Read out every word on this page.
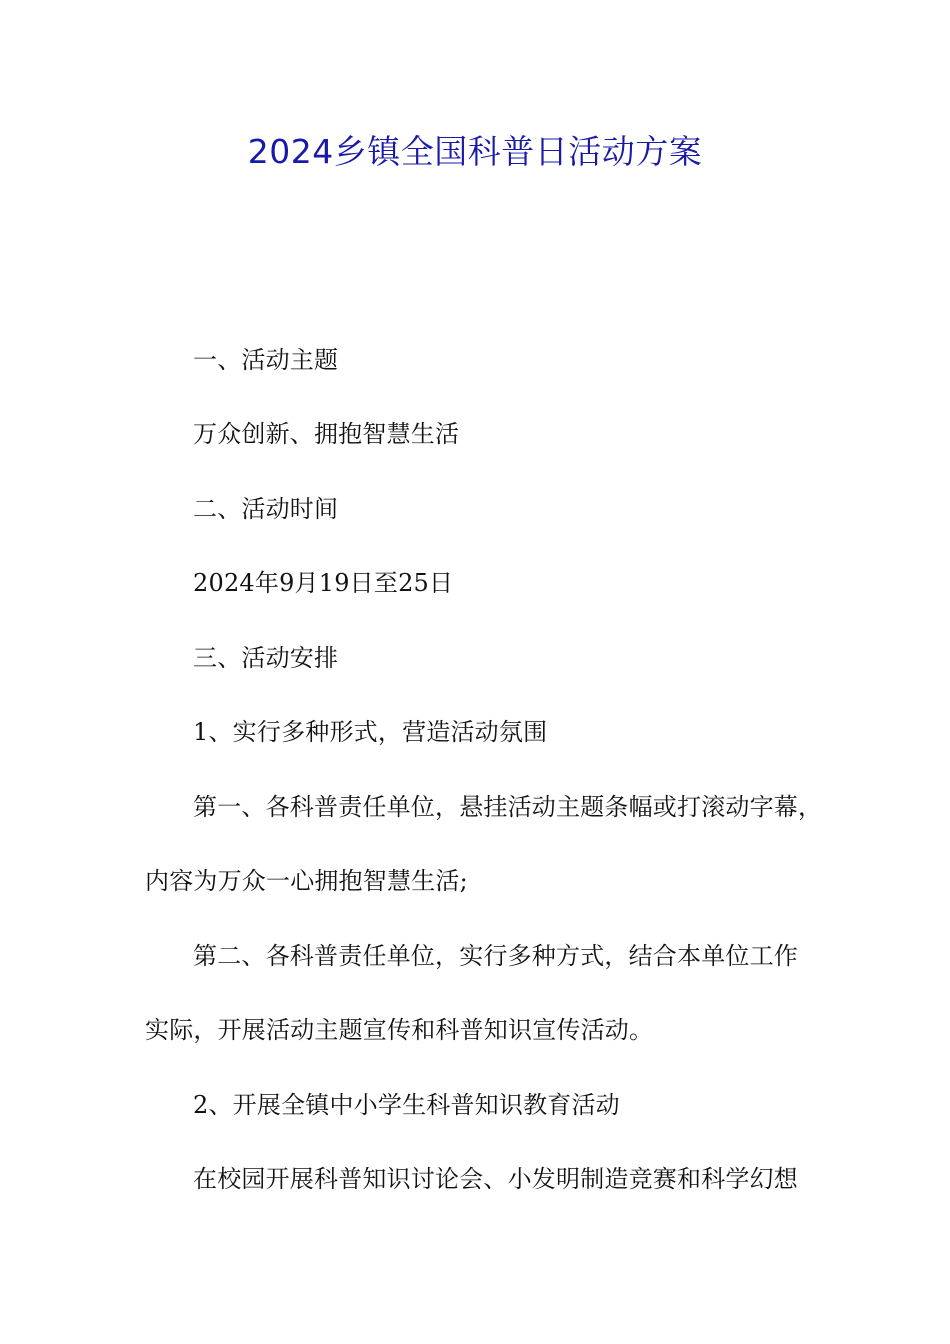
2024乡镇全国科普日活动方案
一、活动主题
万众创新、拥抱智慧生活
二、活动时间
2024年9月19日至25日
三、活动安排
1、实行多种形式，营造活动氛围
第一、各科普责任单位，悬挂活动主题条幅或打滚动字幕，
内容为万众一心拥抱智慧生活;
第二、各科普责任单位，实行多种方式，结合本单位工作
实际，开展活动主题宣传和科普知识宣传活动。
2、开展全镇中小学生科普知识教育活动
在校园开展科普知识讨论会、小发明制造竞赛和科学幻想
